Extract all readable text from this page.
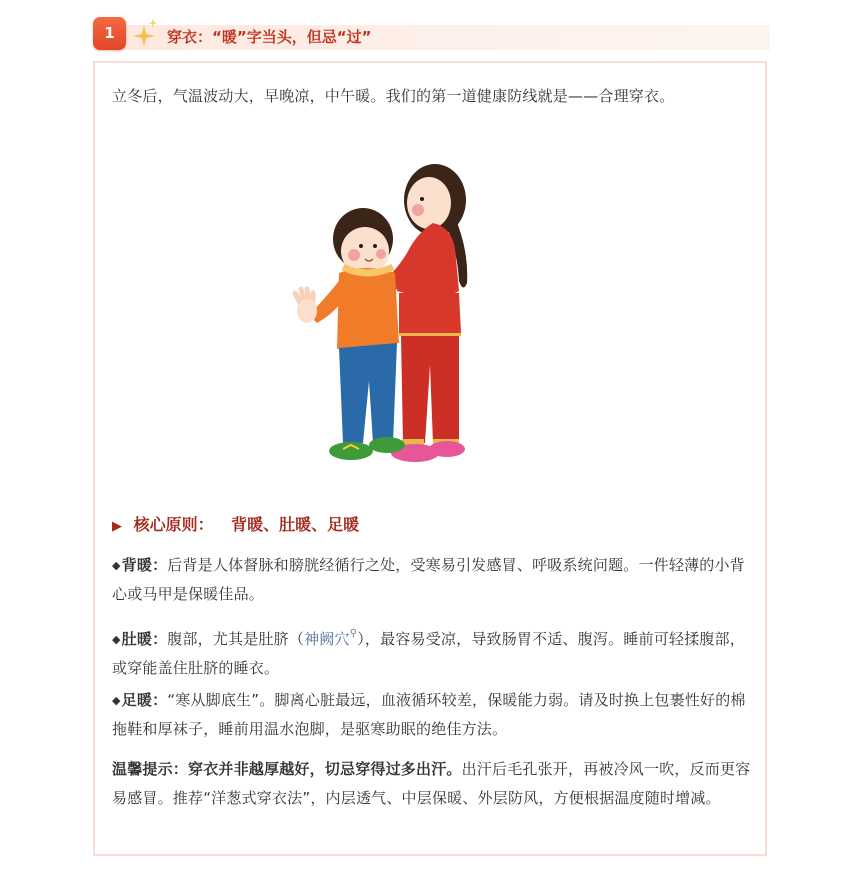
1	穿衣：“暖”字当头，但忌“过”
立冬后，气温波动大，早晚凉，中午暖。我们的第一道健康防线就是——合理穿衣。
▶ 核心原则： 背暖、肚暖、足暖
◆背暖：后背是人体督脉和膀胱经循行之处，受寒易引发感冒、呼吸系统问题。一件轻薄的小背心或马甲是保暖佳品。
◆肚暖：腹部，尤其是肚脐（神阙穴⚲），最容易受凉，导致肠胃不适、腹泻。睡前可轻揉腹部，或穿能盖住肚脐的睡衣。
◆足暖：“寒从脚底生”。脚离心脏最远，血液循环较差，保暖能力弱。请及时换上包裹性好的棉拖鞋和厚袜子，睡前用温水泡脚，是驱寒助眠的绝佳方法。
温馨提示：穿衣并非越厚越好，切忌穿得过多出汗。出汗后毛孔张开，再被冷风一吹，反而更容易感冒。推荐“洋葱式穿衣法”，内层透气、中层保暖、外层防风，方便根据温度随时增减。
